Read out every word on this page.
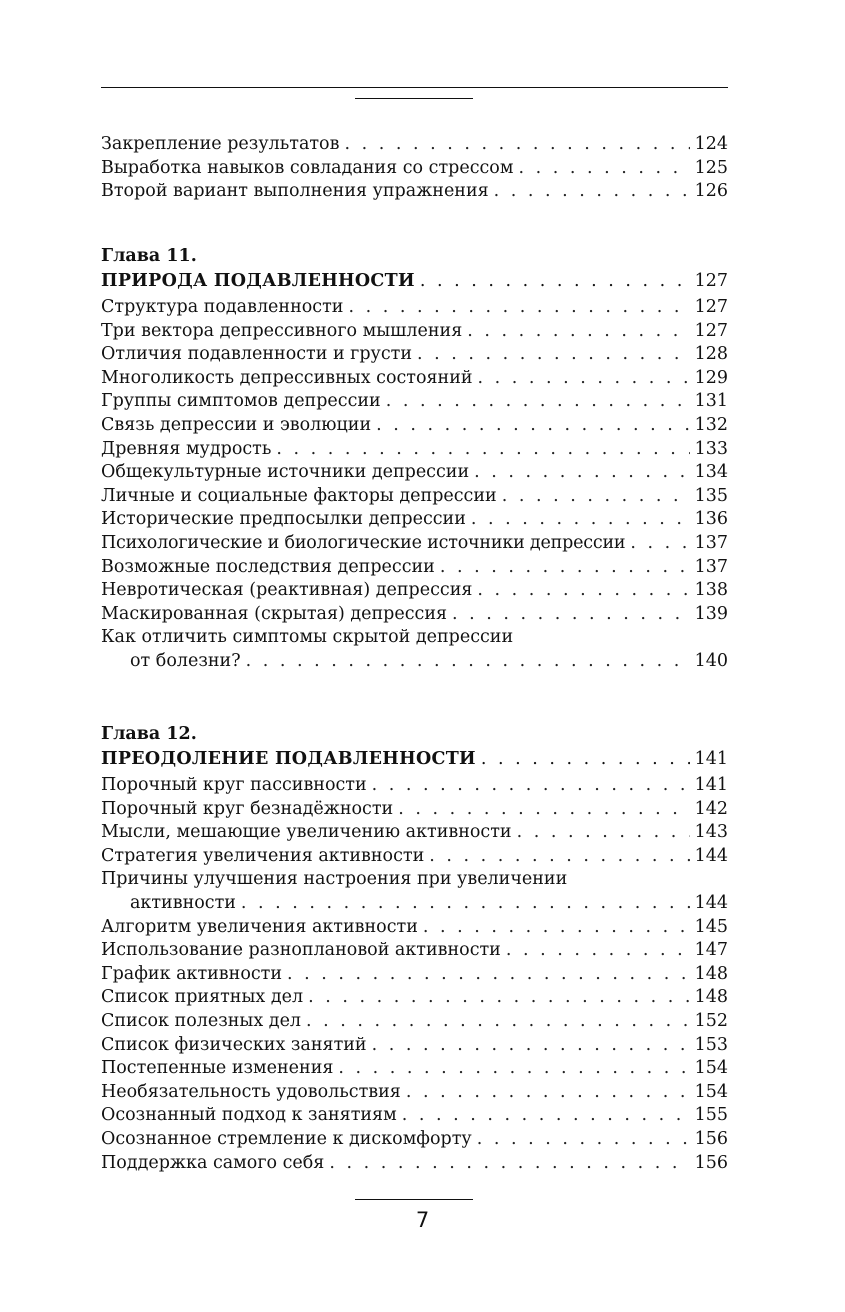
Закрепление результатов . . .	124
Выработка навыков совладания со стрессом . . .	125
Второй вариант выполнения упражнения . . .	126
Глава 11.
ПРИРОДА ПОДАВЛЕННОСТИ . . .	127
Структура подавленности . . .	127
Три вектора депрессивного мышления . . .	127
Отличия подавленности и грусти . . .	128
Многоликость депрессивных состояний . . .	129
Группы симптомов депрессии . . .	131
Связь депрессии и эволюции . . .	132
Древняя мудрость . . .	133
Общекультурные источники депрессии . . .	134
Личные и социальные факторы депрессии . . .	135
Исторические предпосылки депрессии . . .	136
Психологические и биологические источники депрессии . . .	137
Возможные последствия депрессии . . .	137
Невротическая (реактивная) депрессия . . .	138
Маскированная (скрытая) депрессия . . .	139
Как отличить симптомы скрытой депрессии
от болезни? . . .	140
Глава 12.
ПРЕОДОЛЕНИЕ ПОДАВЛЕННОСТИ . . .	141
Порочный круг пассивности . . .	141
Порочный круг безнадёжности . . .	142
Мысли, мешающие увеличению активности . . .	143
Стратегия увеличения активности . . .	144
Причины улучшения настроения при увеличении
активности . . .	144
Алгоритм увеличения активности . . .	145
Использование разноплановой активности . . .	147
График активности . . .	148
Список приятных дел . . .	148
Список полезных дел . . .	152
Список физических занятий . . .	153
Постепенные изменения . . .	154
Необязательность удовольствия . . .	154
Осознанный подход к занятиям . . .	155
Осознанное стремление к дискомфорту . . .	156
Поддержка самого себя . . .	156
7
